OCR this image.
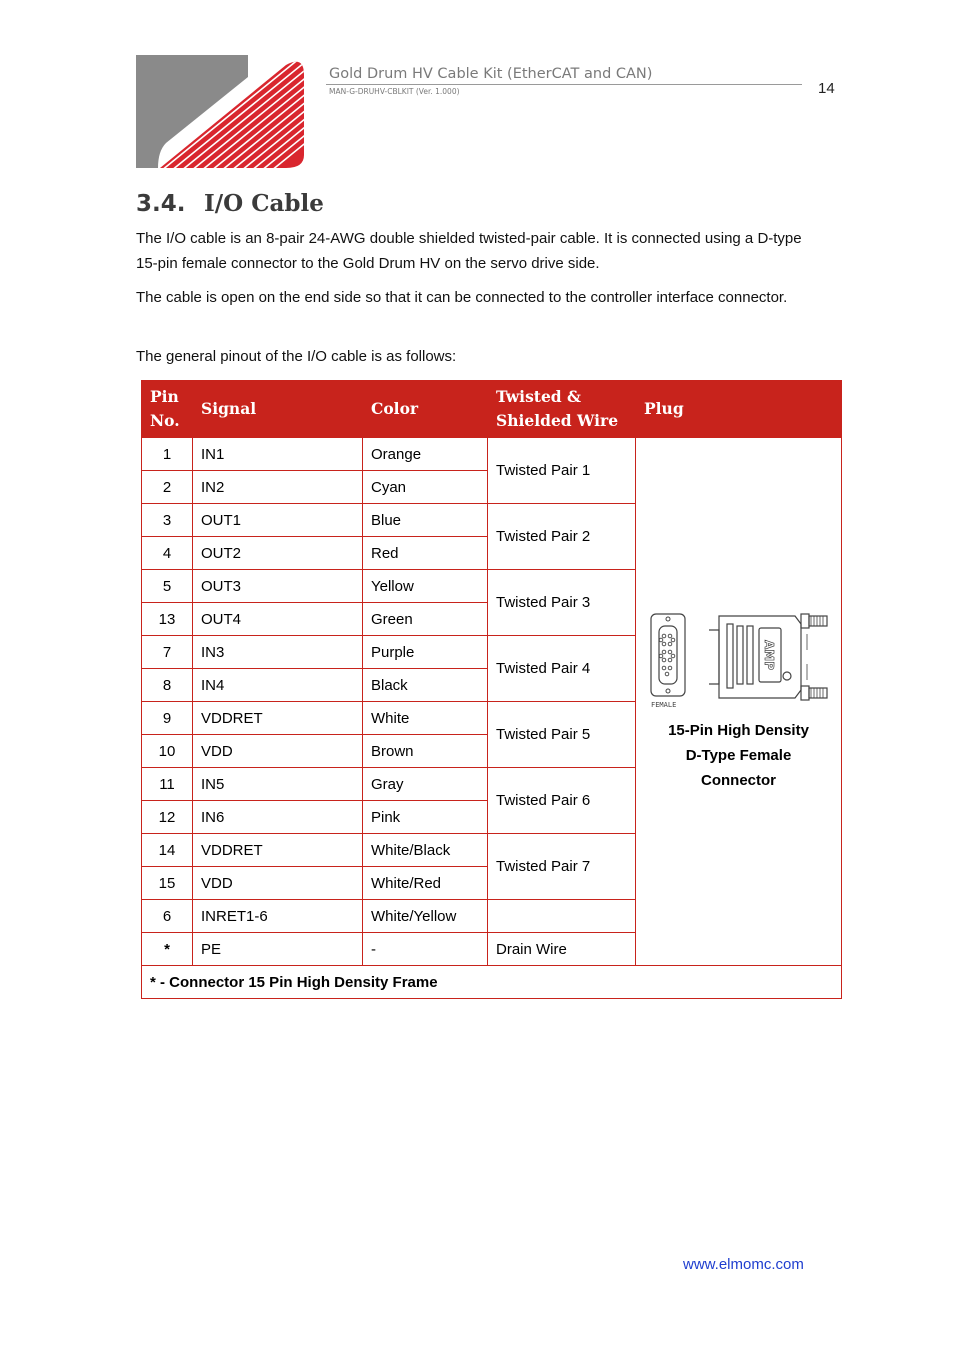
Gold Drum HV Cable Kit (EtherCAT and CAN)
MAN-G-DRUHV-CBLKIT (Ver. 1.000)	14
3.4. I/O Cable
The I/O cable is an 8-pair 24-AWG double shielded twisted-pair cable. It is connected using a D-type 15-pin female connector to the Gold Drum HV on the servo drive side.
The cable is open on the end side so that it can be connected to the controller interface connector.
The general pinout of the I/O cable is as follows:
Pin No.	Signal	Color	Twisted & Shielded Wire	Plug
1	IN1	Orange	Twisted Pair 1	FEMALE
AMP
15-Pin High Density
D-Type Female
Connector

2	IN2	Cyan		
3	OUT1	Blue	Twisted Pair 2	
4	OUT2	Red		
5	OUT3	Yellow	Twisted Pair 3	
13	OUT4	Green		
7	IN3	Purple	Twisted Pair 4	
8	IN4	Black		
9	VDDRET	White	Twisted Pair 5	
10	VDD	Brown		
11	IN5	Gray	Twisted Pair 6	
12	IN6	Pink		
14	VDDRET	White/Black	Twisted Pair 7	
15	VDD	White/Red		
6	INRET1-6	White/Yellow		
*	PE	-	Drain Wire	
* - Connector 15 Pin High Density Frame				
www.elmomc.com
